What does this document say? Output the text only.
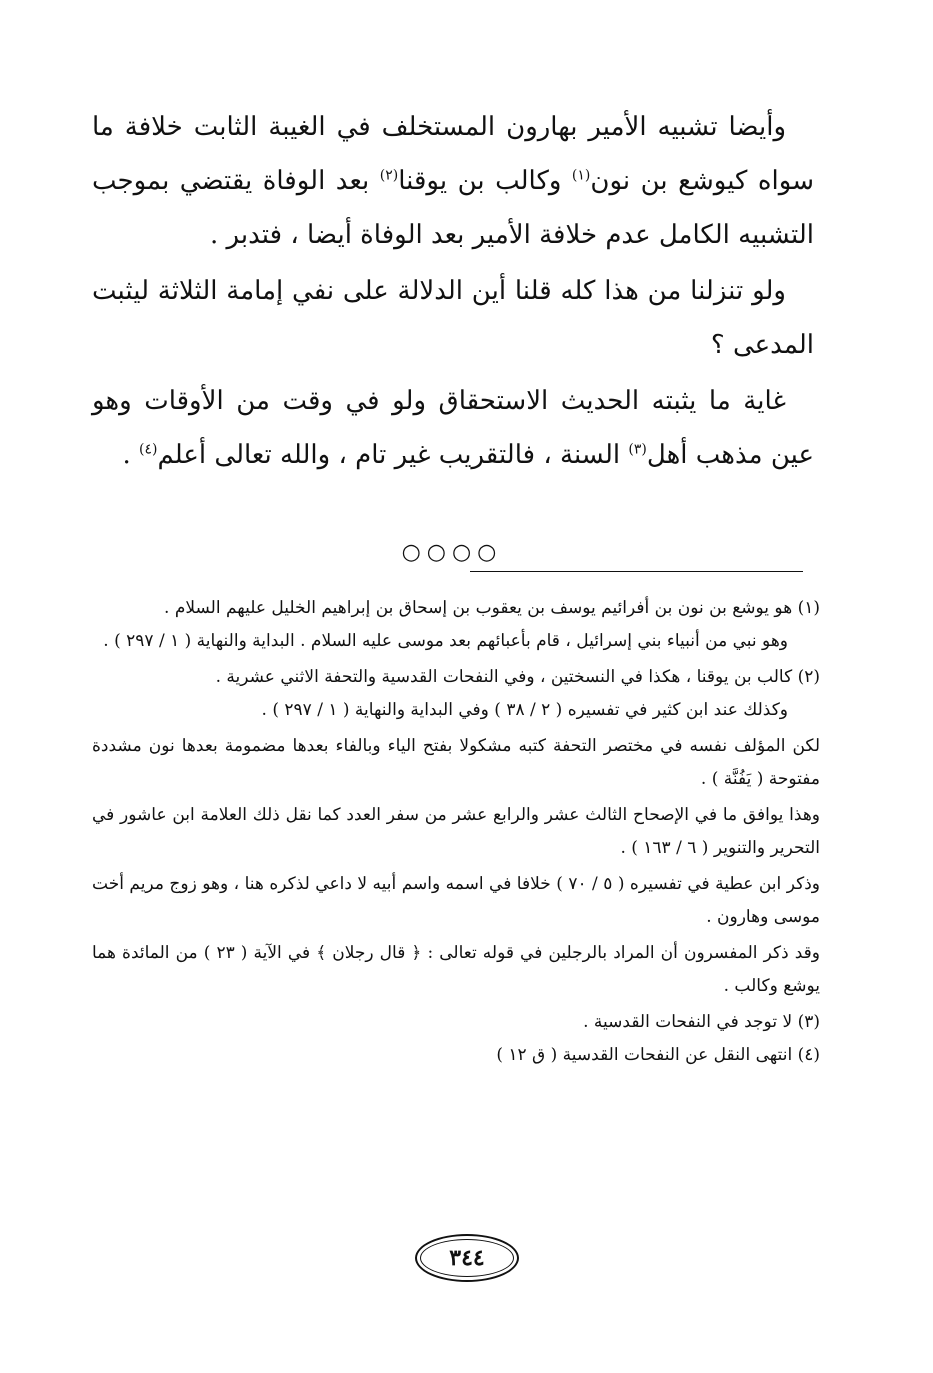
وأيضا تشبيه الأمير بهارون المستخلف في الغيبة الثابت خلافة ما سواه كيوشع بن نون$^{(١)}$ وكالب بن يوقنا$^{(٢)}$ بعد الوفاة يقتضي بموجب التشبيه الكامل عدم خلافة الأمير بعد الوفاة أيضا ، فتدبر .

ولو تنزلنا من هذا كله قلنا أين الدلالة على نفي إمامة الثلاثة ليثبت المدعى ؟

غاية ما يثبته الحديث الاستحقاق ولو في وقت من الأوقات وهو عين مذهب أهل$^{(٣)}$ السنة ، فالتقريب غير تام ، والله تعالى أعلم$^{(٤)}$ .

○○○○

(١) هو يوشع بن نون بن أفرائيم يوسف بن يعقوب بن إسحاق بن إبراهيم الخليل عليهم السلام .

وهو نبي من أنبياء بني إسرائيل ، قام بأعبائهم بعد موسى عليه السلام . البداية والنهاية ( ١ / ٢٩٧ ) .

(٢) كالب بن يوقنا ، هكذا في النسختين ، وفي النفحات القدسية والتحفة الاثني عشرية .

وكذلك عند ابن كثير في تفسيره ( ٢ / ٣٨ ) وفي البداية والنهاية ( ١ / ٢٩٧ ) .

لكن المؤلف نفسه في مختصر التحفة كتبه مشكولا بفتح الياء وبالفاء بعدها مضمومة بعدها نون مشددة مفتوحة ( يَفُنَّة ) .

وهذا يوافق ما في الإصحاح الثالث عشر والرابع عشر من سفر العدد كما نقل ذلك العلامة ابن عاشور في التحرير والتنوير ( ٦ / ١٦٣ ) .

وذكر ابن عطية في تفسيره ( ٥ / ٧٠ ) خلافا في اسمه واسم أبيه لا داعي لذكره هنا ، وهو زوج مريم أخت موسى وهارون .

وقد ذكر المفسرون أن المراد بالرجلين في قوله تعالى : ﴿ قال رجلان ﴾ في الآية ( ٢٣ ) من المائدة هما يوشع وكالب .

(٣) لا توجد في النفحات القدسية .

(٤) انتهى النقل عن النفحات القدسية ( ق ١٢ )

٣٤٤
